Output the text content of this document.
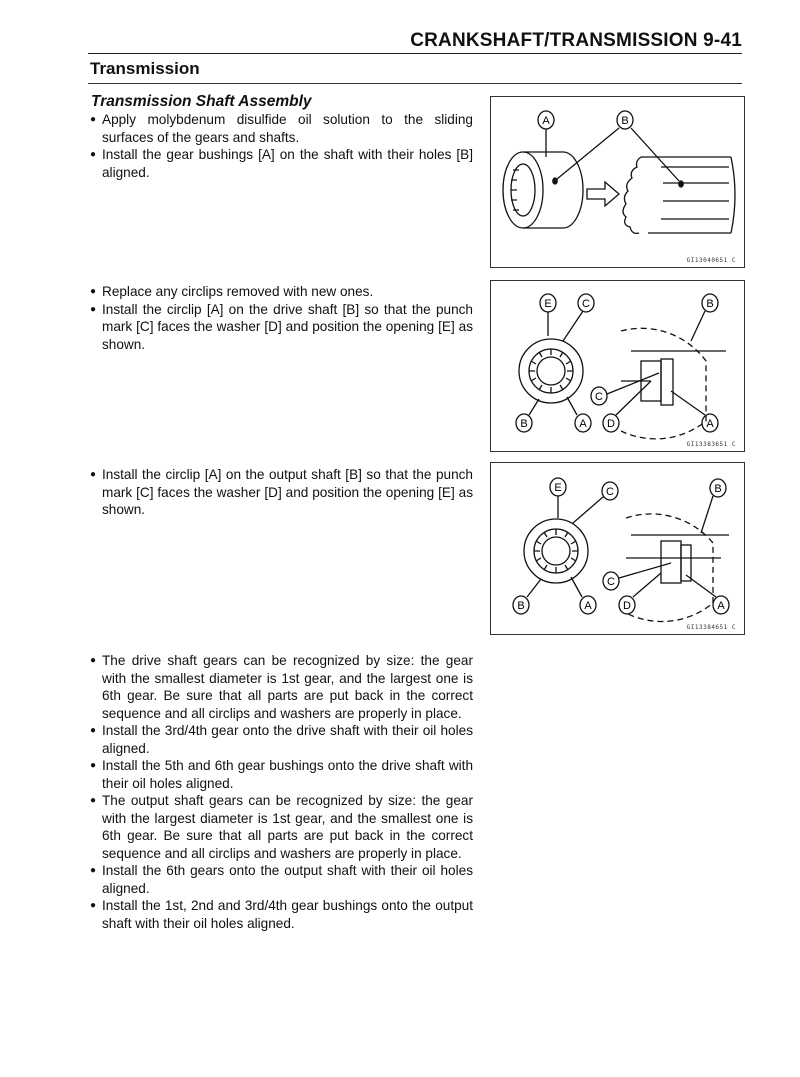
CRANKSHAFT/TRANSMISSION 9-41
Transmission
Transmission Shaft Assembly

● Apply molybdenum disulfide oil solution to the sliding surfaces of the gears and shafts.

● Install the gear bushings [A] on the shaft with their holes [B] aligned.

A	B
GI13040651 C

● Replace any circlips removed with new ones.

● Install the circlip [A] on the drive shaft [B] so that the punch mark [C] faces the washer [D] and position the opening [E] as shown.

E	C	B
B	A D	A
C
GI13383651 C

● Install the circlip [A] on the output shaft [B] so that the punch mark [C] faces the washer [D] and position the opening [E] as shown.

E	C	B
B	A	D	A
C
GI13384651 C

● The drive shaft gears can be recognized by size: the gear with the smallest diameter is 1st gear, and the largest one is 6th gear. Be sure that all parts are put back in the correct sequence and all circlips and washers are properly in place.

● Install the 3rd/4th gear onto the drive shaft with their oil holes aligned.

● Install the 5th and 6th gear bushings onto the drive shaft with their oil holes aligned.

● The output shaft gears can be recognized by size: the gear with the largest diameter is 1st gear, and the smallest one is 6th gear. Be sure that all parts are put back in the correct sequence and all circlips and washers are properly in place.

● Install the 6th gears onto the output shaft with their oil holes aligned.

● Install the 1st, 2nd and 3rd/4th gear bushings onto the output shaft with their oil holes aligned.
